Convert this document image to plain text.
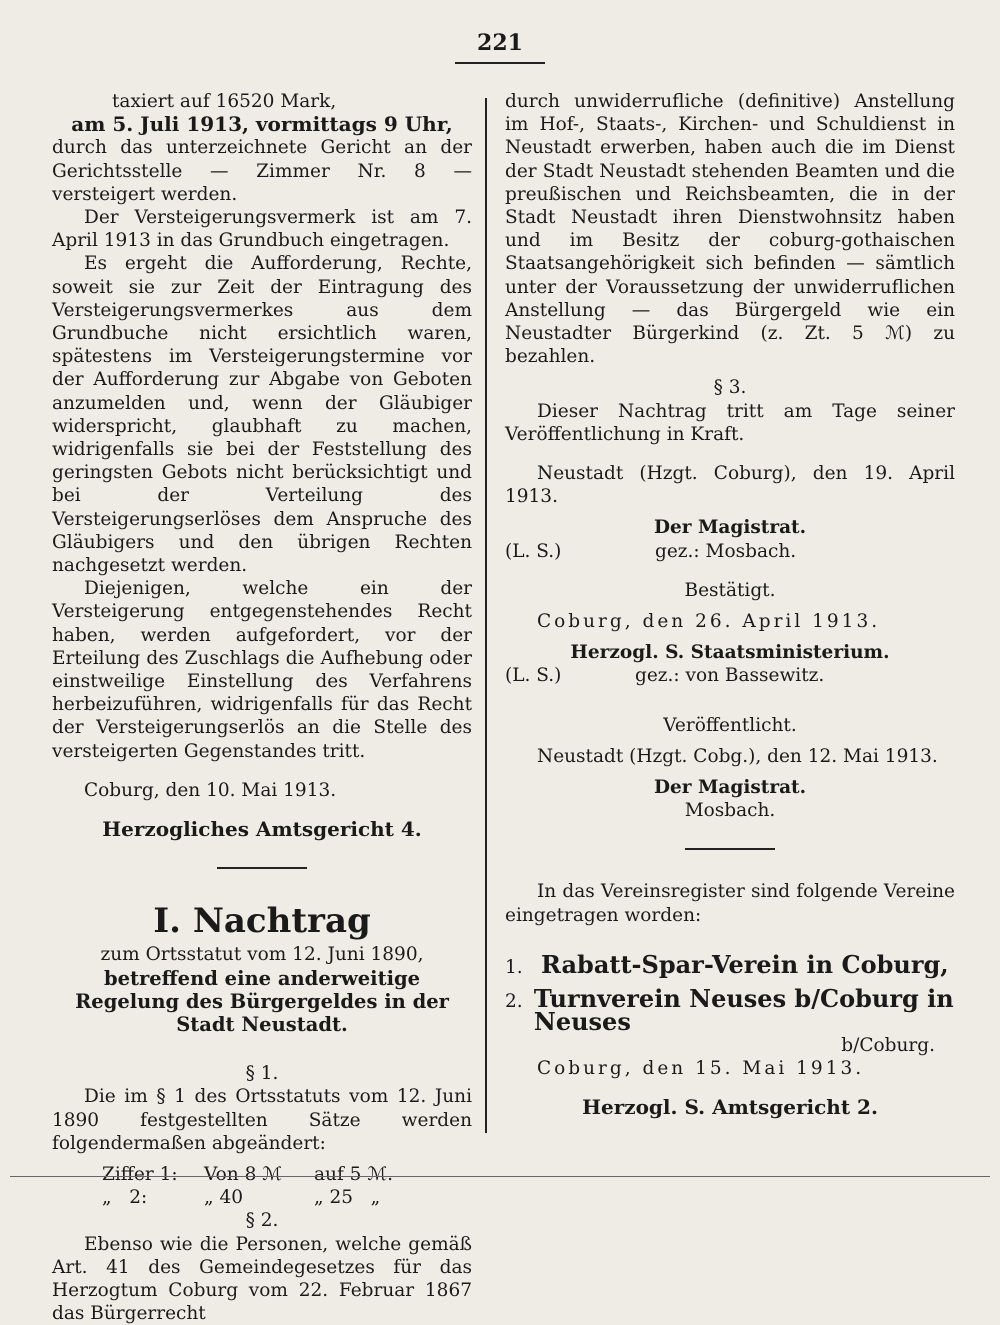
221

taxiert auf 16520 Mark,

am 5. Juli 1913, vormittags 9 Uhr,

durch das unterzeichnete Gericht an der Gerichtsstelle — Zimmer Nr. 8 — versteigert werden.

Der Versteigerungsvermerk ist am 7. April 1913 in das Grundbuch eingetragen.

Es ergeht die Aufforderung, Rechte, soweit sie zur Zeit der Eintragung des Versteigerungsvermerkes aus dem Grundbuche nicht ersichtlich waren, spätestens im Versteigerungstermine vor der Aufforderung zur Abgabe von Geboten anzumelden und, wenn der Gläubiger widerspricht, glaubhaft zu machen, widrigenfalls sie bei der Feststellung des geringsten Gebots nicht berücksichtigt und bei der Verteilung des Versteigerungserlöses dem Anspruche des Gläubigers und den übrigen Rechten nachgesetzt werden.

Diejenigen, welche ein der Versteigerung entgegenstehendes Recht haben, werden aufgefordert, vor der Erteilung des Zuschlags die Aufhebung oder einstweilige Einstellung des Verfahrens herbeizuführen, widrigenfalls für das Recht der Versteigerungserlös an die Stelle des versteigerten Gegenstandes tritt.

Coburg, den 10. Mai 1913.

Herzogliches Amtsgericht 4.

I. Nachtrag

zum Ortsstatut vom 12. Juni 1890,

betreffend eine anderweitige Regelung des Bürgergeldes in der Stadt Neustadt.

§ 1.

Die im § 1 des Ortsstatuts vom 12. Juni 1890 festgestellten Sätze werden folgendermaßen abgeändert:

Ziffer 1:	Von 8 ℳ	auf 5 ℳ.
„   2:	„ 40	„ 25   „

§ 2.

Ebenso wie die Personen, welche gemäß Art. 41 des Gemeindegesetzes für das Herzogtum Coburg vom 22. Februar 1867 das Bürgerrecht

durch unwiderrufliche (definitive) Anstellung im Hof-, Staats-, Kirchen- und Schuldienst in Neustadt erwerben, haben auch die im Dienst der Stadt Neustadt stehenden Beamten und die preußischen und Reichsbeamten, die in der Stadt Neustadt ihren Dienstwohnsitz haben und im Besitz der coburg-gothaischen Staatsangehörigkeit sich befinden — sämtlich unter der Voraussetzung der unwiderruflichen Anstellung — das Bürgergeld wie ein Neustadter Bürgerkind (z. Zt. 5 ℳ) zu bezahlen.

§ 3.

Dieser Nachtrag tritt am Tage seiner Veröffentlichung in Kraft.

Neustadt (Hzgt. Coburg), den 19. April 1913.

Der Magistrat.

(L. S.)	gez.: Mosbach.

Bestätigt.

Coburg, den 26. April 1913.

Herzogl. S. Staatsministerium.

(L. S.)	gez.: von Bassewitz.

Veröffentlicht.

Neustadt (Hzgt. Cobg.), den 12. Mai 1913.

Der Magistrat.

Mosbach.

In das Vereinsregister sind folgende Vereine eingetragen worden:

1. Rabatt-Spar-Verein in Coburg,
2. Turnverein Neuses b/Coburg in Neuses

b/Coburg.

Coburg, den 15. Mai 1913.

Herzogl. S. Amtsgericht 2.
